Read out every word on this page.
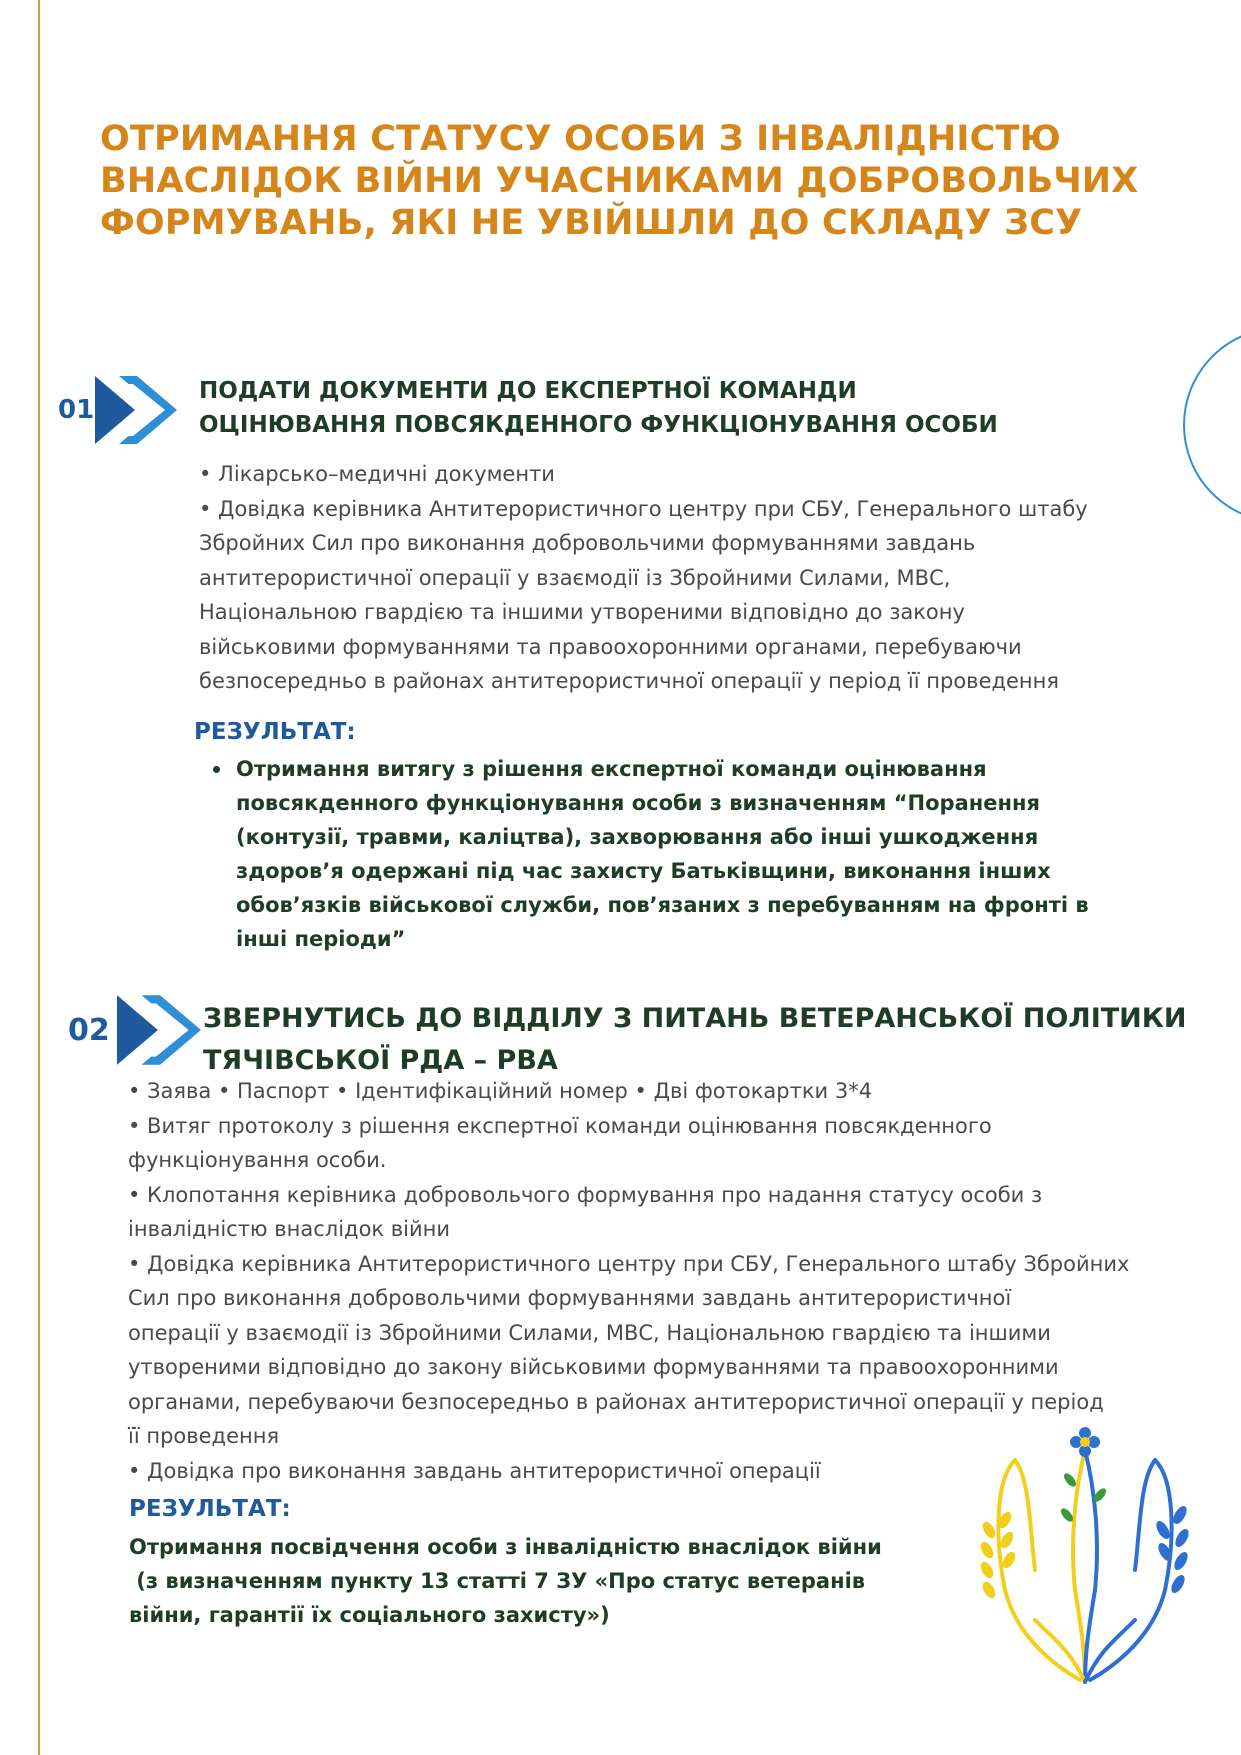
ОТРИМАННЯ СТАТУСУ ОСОБИ З ІНВАЛІДНІСТЮ
ВНАСЛІДОК ВІЙНИ УЧАСНИКАМИ ДОБРОВОЛЬЧИХ
ФОРМУВАНЬ, ЯКІ НЕ УВІЙШЛИ ДО СКЛАДУ ЗСУ
01
ПОДАТИ ДОКУМЕНТИ ДО ЕКСПЕРТНОЇ КОМАНДИ
ОЦІНЮВАННЯ ПОВСЯКДЕННОГО ФУНКЦІОНУВАННЯ ОСОБИ
• Лікарсько–медичні документи
• Довідка керівника Антитерористичного центру при СБУ, Генерального штабу
Збройних Сил про виконання добровольчими формуваннями завдань
антитерористичної операції у взаємодії із Збройними Силами, МВС,
Національною гвардією та іншими утвореними відповідно до закону
військовими формуваннями та правоохоронними органами, перебуваючи
безпосередньо в районах антитерористичної операції у період її проведення
РЕЗУЛЬТАТ:
Отримання витягу з рішення експертної команди оцінювання
повсякденного функціонування особи з визначенням “Поранення
(контузії, травми, каліцтва), захворювання або інші ушкодження
здоров’я одержані під час захисту Батьківщини, виконання інших
обов’язків військової служби, пов’язаних з перебуванням на фронті в
інші періоди”
02	ЗВЕРНУТИСЬ ДО ВІДДІЛУ З ПИТАНЬ ВЕТЕРАНСЬКОЇ ПОЛІТИКИ
ТЯЧІВСЬКОЇ РДА – РВА
• Заява • Паспорт • Ідентифікаційний номер • Дві фотокартки 3*4
• Витяг протоколу з рішення експертної команди оцінювання повсякденного
функціонування особи.
• Клопотання керівника добровольчого формування про надання статусу особи з
інвалідністю внаслідок війни
• Довідка керівника Антитерористичного центру при СБУ, Генерального штабу Збройних
Сил про виконання добровольчими формуваннями завдань антитерористичної
операції у взаємодії із Збройними Силами, МВС, Національною гвардією та іншими
утвореними відповідно до закону військовими формуваннями та правоохоронними
органами, перебуваючи безпосередньо в районах антитерористичної операції у період
її проведення
• Довідка про виконання завдань антитерористичної операції
РЕЗУЛЬТАТ:
Отримання посвідчення особи з інвалідністю внаслідок війни
(з визначенням пункту 13 статті 7 ЗУ «Про статус ветеранів
війни, гарантії їх соціального захисту»)
